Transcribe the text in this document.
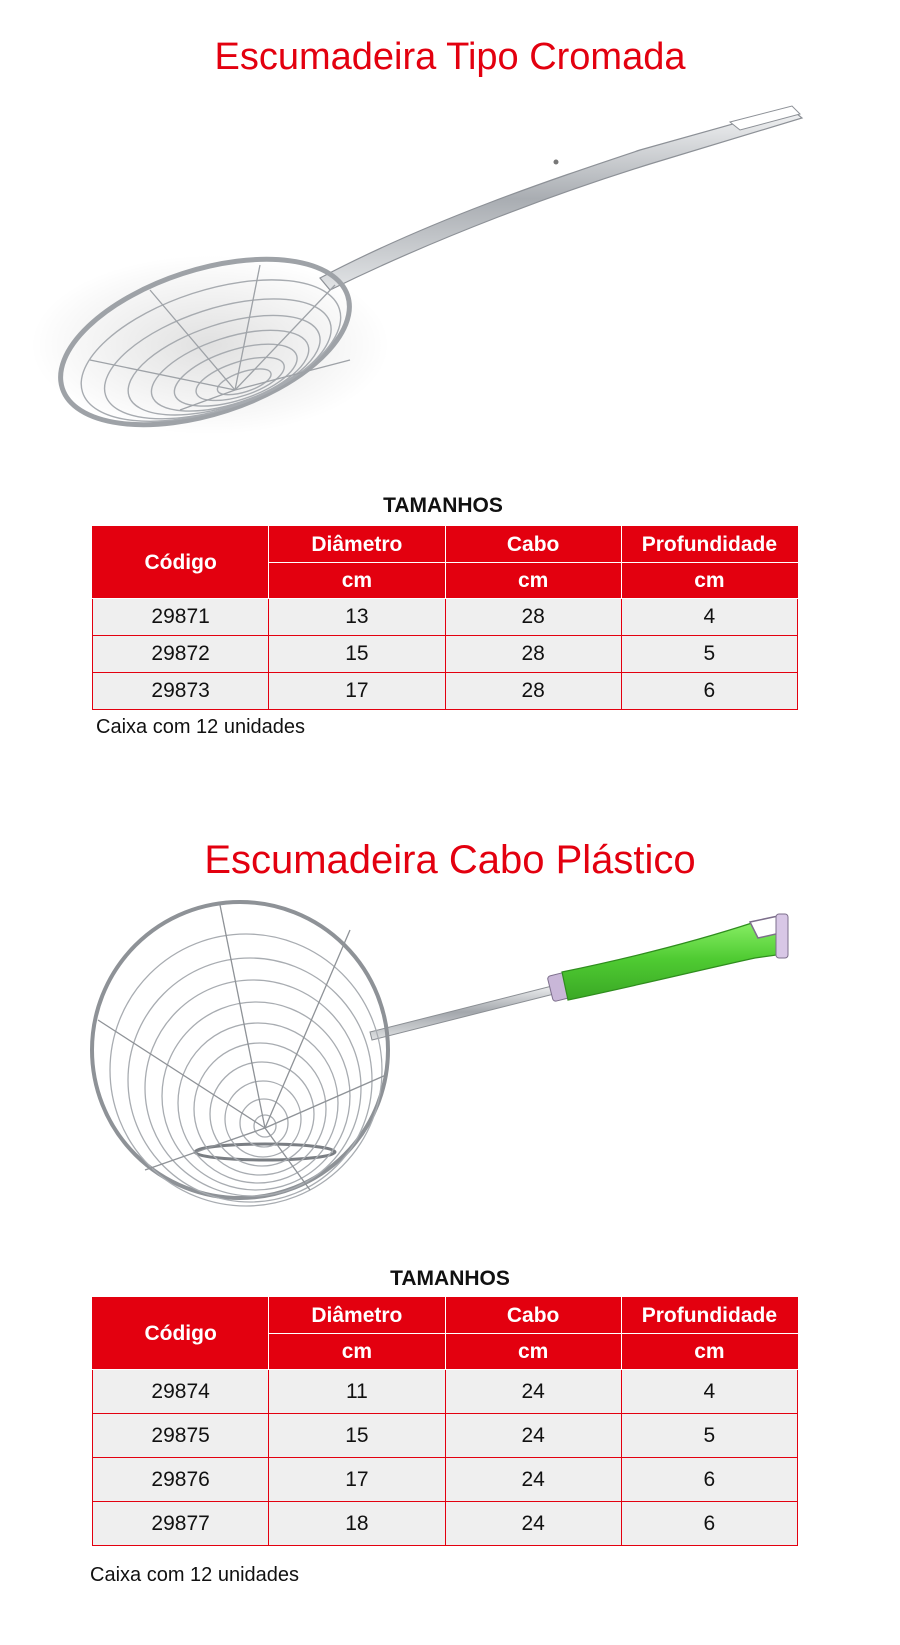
Escumadeira Tipo Cromada

TAMANHOS

Código	Diâmetro	Cabo	Profundidade
	cm	cm	cm
29871	13	28	4
29872	15	28	5
29873	17	28	6

Caixa com 12 unidades

Escumadeira Cabo Plástico

TAMANHOS

Código	Diâmetro	Cabo	Profundidade
	cm	cm	cm
29874	11	24	4
29875	15	24	5
29876	17	24	6
29877	18	24	6

Caixa com 12 unidades
